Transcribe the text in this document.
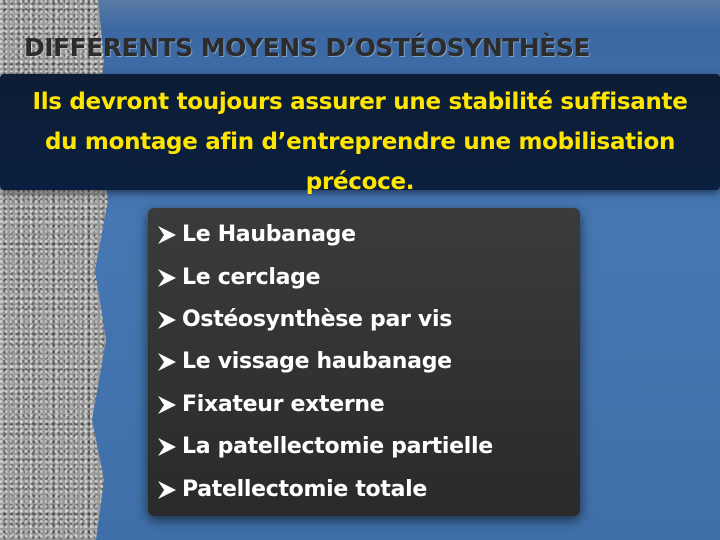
DIFFÉRENTS MOYENS D’OSTÉOSYNTHÈSE
Ils devront toujours assurer une stabilité suffisante
du montage afin d’entreprendre une mobilisation
précoce.
Le Haubanage
Le cerclage
Ostéosynthèse par vis
Le vissage haubanage
Fixateur externe
La patellectomie partielle
Patellectomie totale
